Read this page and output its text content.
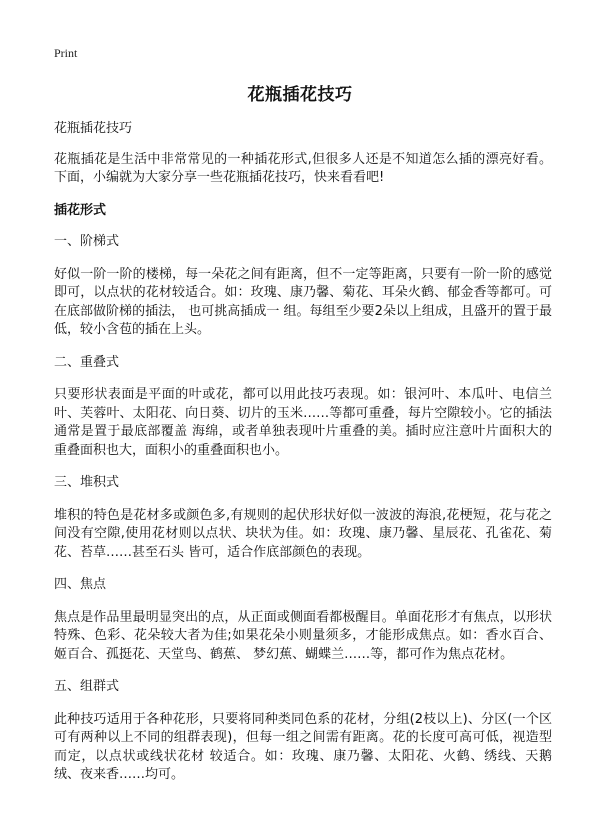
Print
花瓶插花技巧

花瓶插花技巧

花瓶插花是生活中非常常见的一种插花形式,但很多人还是不知道怎么插的漂亮好看。下面，小编就为大家分享一些花瓶插花技巧，快来看看吧!

插花形式

一、阶梯式

好似一阶一阶的楼梯，每一朵花之间有距离，但不一定等距离，只要有一阶一阶的感觉即可，以点状的花材较适合。如：玫瑰、康乃馨、菊花、耳朵火鹤、郁金香等都可。可在底部做阶梯的插法， 也可挑高插成一 组。每组至少要2朵以上组成，且盛开的置于最低，较小含苞的插在上头。

二、重叠式

只要形状表面是平面的叶或花，都可以用此技巧表现。如：银河叶、本瓜叶、电信兰叶、芙蓉叶、太阳花、向日葵、切片的玉米……等都可重叠，每片空隙较小。它的插法通常是置于最底部覆盖 海绵，或者单独表现叶片重叠的美。插时应注意叶片面积大的重叠面积也大，面积小的重叠面积也小。

三、堆积式

堆积的特色是花材多或颜色多,有规则的起伏形状好似一波波的海浪,花梗短，花与花之间没有空隙,使用花材则以点状、块状为佳。如：玫瑰、康乃馨、星辰花、孔雀花、菊花、苔草……甚至石头 皆可，适合作底部颜色的表现。

四、焦点

焦点是作品里最明显突出的点，从正面或侧面看都极醒目。单面花形才有焦点，以形状特殊、色彩、花朵较大者为佳;如果花朵小则量须多，才能形成焦点。如：香水百合、姬百合、孤挺花、天堂鸟、鹤蕉、 梦幻蕉、蝴蝶兰……等，都可作为焦点花材。

五、组群式

此种技巧适用于各种花形，只要将同种类同色系的花材，分组(2枝以上)、分区(一个区可有两种以上不同的组群表现)，但每一组之间需有距离。花的长度可高可低，视造型而定，以点状或线状花材 较适合。如：玫瑰、康乃馨、太阳花、火鹤、绣线、天鹅绒、夜来香……均可。
